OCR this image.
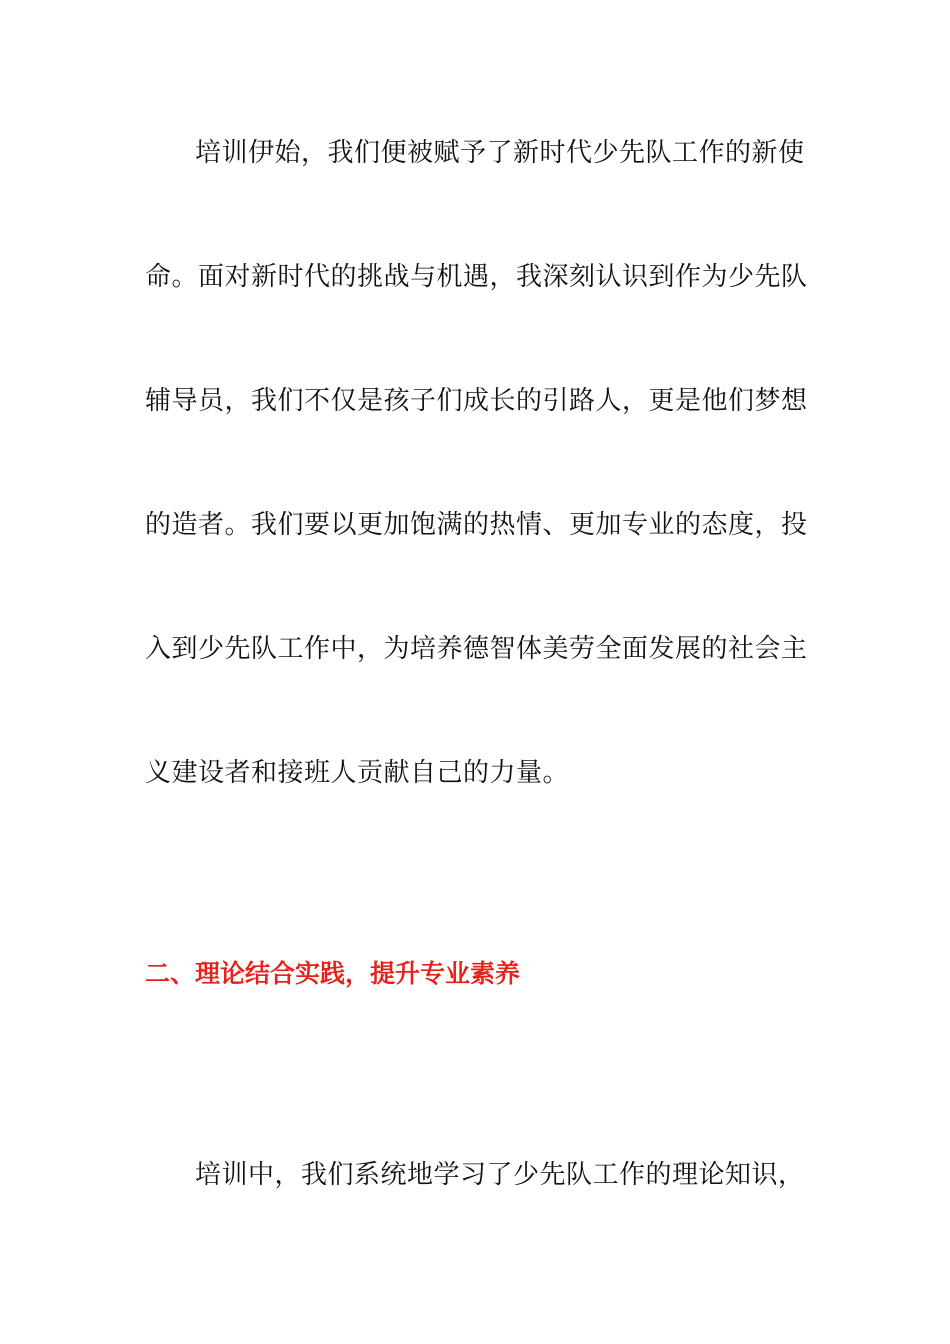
培训伊始，我们便被赋予了新时代少先队工作的新使
命。面对新时代的挑战与机遇，我深刻认识到作为少先队
辅导员，我们不仅是孩子们成长的引路人，更是他们梦想
的造者。我们要以更加饱满的热情、更加专业的态度，投
入到少先队工作中，为培养德智体美劳全面发展的社会主
义建设者和接班人贡献自己的力量。
二、理论结合实践，提升专业素养
培训中，我们系统地学习了少先队工作的理论知识，
